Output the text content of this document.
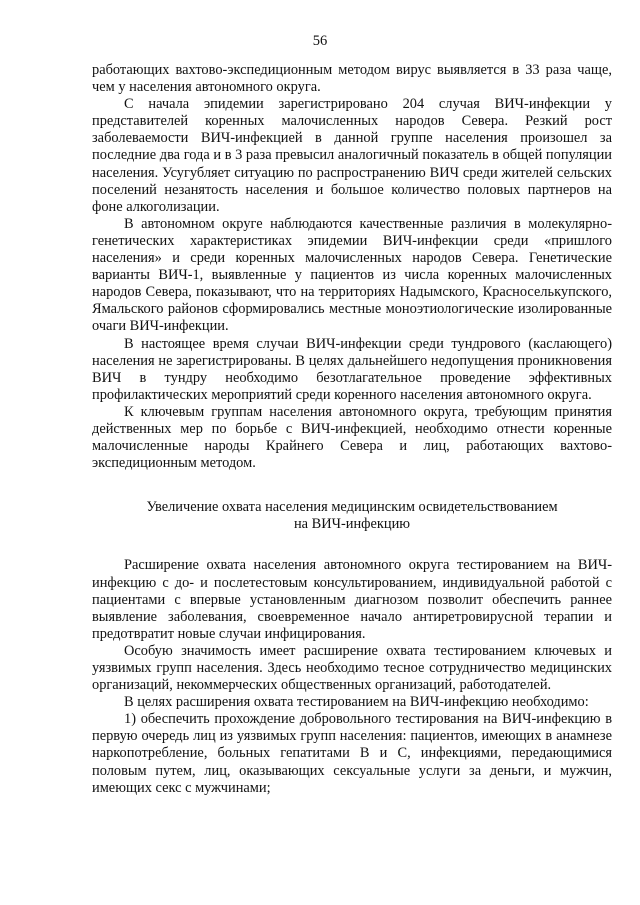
56

работающих вахтово-экспедиционным методом вирус выявляется в 33 раза чаще, чем у населения автономного округа.

С начала эпидемии зарегистрировано 204 случая ВИЧ-инфекции у представителей коренных малочисленных народов Севера. Резкий рост заболеваемости ВИЧ-инфекцией в данной группе населения произошел за последние два года и в 3 раза превысил аналогичный показатель в общей популяции населения. Усугубляет ситуацию по распространению ВИЧ среди жителей сельских поселений незанятость населения и большое количество половых партнеров на фоне алкоголизации.

В автономном округе наблюдаются качественные различия в молекулярно-генетических характеристиках эпидемии ВИЧ-инфекции среди «пришлого населения» и среди коренных малочисленных народов Севера. Генетические варианты ВИЧ-1, выявленные у пациентов из числа коренных малочисленных народов Севера, показывают, что на территориях Надымского, Красноселькупского, Ямальского районов сформировались местные моноэтиологические изолированные очаги ВИЧ-инфекции.

В настоящее время случаи ВИЧ-инфекции среди тундрового (каслающего) населения не зарегистрированы. В целях дальнейшего недопущения проникновения ВИЧ в тундру необходимо безотлагательное проведение эффективных профилактических мероприятий среди коренного населения автономного округа.

К ключевым группам населения автономного округа, требующим принятия действенных мер по борьбе с ВИЧ-инфекцией, необходимо отнести коренные малочисленные народы Крайнего Севера и лиц, работающих вахтово-экспедиционным методом.

Увеличение охвата населения медицинским освидетельствованием
на ВИЧ-инфекцию

Расширение охвата населения автономного округа тестированием на ВИЧ-инфекцию с до- и послетестовым консультированием, индивидуальной работой с пациентами с впервые установленным диагнозом позволит обеспечить раннее выявление заболевания, своевременное начало антиретровирусной терапии и предотвратит новые случаи инфицирования.

Особую значимость имеет расширение охвата тестированием ключевых и уязвимых групп населения. Здесь необходимо тесное сотрудничество медицинских организаций, некоммерческих общественных организаций, работодателей.

В целях расширения охвата тестированием на ВИЧ-инфекцию необходимо:

1) обеспечить прохождение добровольного тестирования на ВИЧ-инфекцию в первую очередь лиц из уязвимых групп населения: пациентов, имеющих в анамнезе наркопотребление, больных гепатитами В и С, инфекциями, передающимися половым путем, лиц, оказывающих сексуальные услуги за деньги, и мужчин, имеющих секс с мужчинами;
